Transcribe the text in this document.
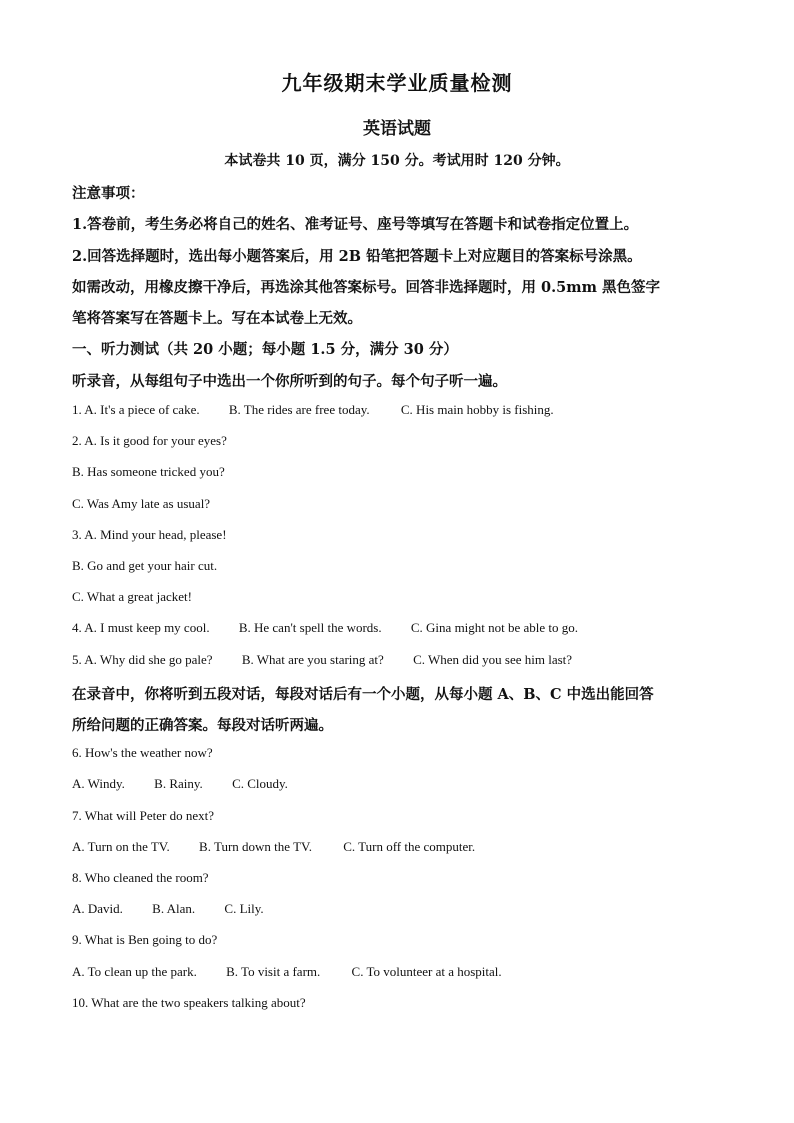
九年级期末学业质量检测
英语试题
本试卷共 10 页，满分 150 分。考试用时 120 分钟。
注意事项：
1.答卷前，考生务必将自己的姓名、准考证号、座号等填写在答题卡和试卷指定位置上。
2.回答选择题时，选出每小题答案后，用 2B 铅笔把答题卡上对应题目的答案标号涂黑。
如需改动，用橡皮擦干净后，再选涂其他答案标号。回答非选择题时，用 0.5mm 黑色签字
笔将答案写在答题卡上。写在本试卷上无效。
一、听力测试（共 20 小题；每小题 1.5 分，满分 30 分）
听录音，从每组句子中选出一个你所听到的句子。每个句子听一遍。
1. A. It's a piece of cake. B. The rides are free today. C. His main hobby is fishing.
2. A. Is it good for your eyes?
B. Has someone tricked you?
C. Was Amy late as usual?
3. A. Mind your head, please!
B. Go and get your hair cut.
C. What a great jacket!
4. A. I must keep my cool. B. He can't spell the words. C. Gina might not be able to go.
5. A. Why did she go pale? B. What are you staring at? C. When did you see him last?
在录音中，你将听到五段对话，每段对话后有一个小题，从每小题 A、B、C 中选出能回答
所给问题的正确答案。每段对话听两遍。
6. How's the weather now?
A. Windy. B. Rainy. C. Cloudy.
7. What will Peter do next?
A. Turn on the TV. B. Turn down the TV. C. Turn off the computer.
8. Who cleaned the room?
A. David. B. Alan. C. Lily.
9. What is Ben going to do?
A. To clean up the park. B. To visit a farm. C. To volunteer at a hospital.
10. What are the two speakers talking about?
